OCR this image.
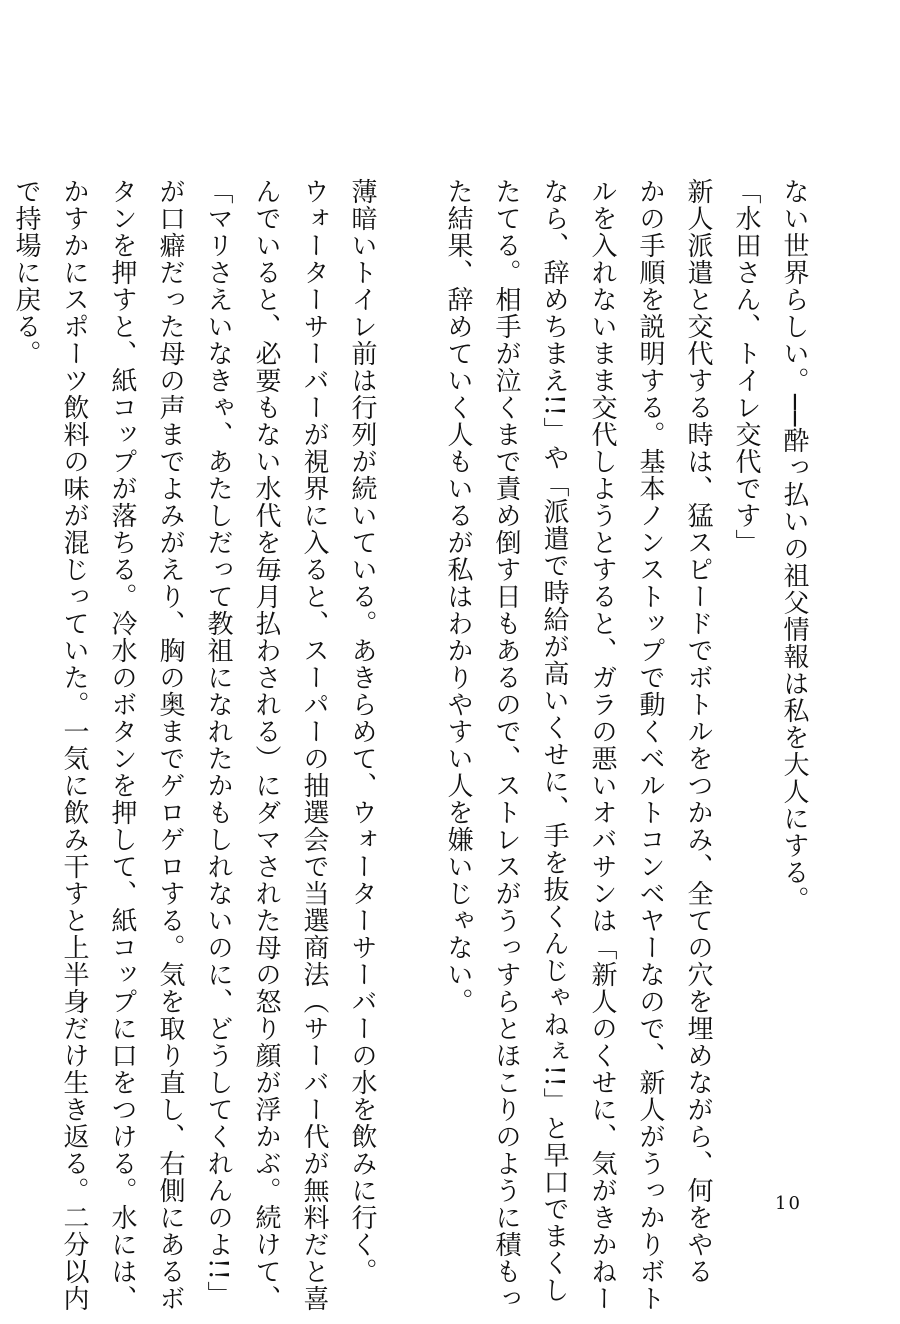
ない世界らしい。──酔っ払いの祖父情報は私を大人にする。
「水田さん、トイレ交代です」
新人派遣と交代する時は、猛スピードでボトルをつかみ、全ての穴を埋めながら、何をやる
かの手順を説明する。基本ノンストップで動くベルトコンベヤーなので、新人がうっかりボト
ルを入れないまま交代しようとすると、ガラの悪いオバサンは「新人のくせに、気がきかねー
なら、辞めちまえ!!」や「派遣で時給が高いくせに、手を抜くんじゃねぇ!!」と早口でまくし
たてる。相手が泣くまで責め倒す日もあるので、ストレスがうっすらとほこりのように積もっ
た結果、辞めていく人もいるが私はわかりやすい人を嫌いじゃない。
薄暗いトイレ前は行列が続いている。あきらめて、ウォーターサーバーの水を飲みに行く。
ウォーターサーバーが視界に入ると、スーパーの抽選会で当選商法（サーバー代が無料だと喜
んでいると、必要もない水代を毎月払わされる）にダマされた母の怒り顔が浮かぶ。続けて、
「マリさえいなきゃ、あたしだって教祖になれたかもしれないのに、どうしてくれんのよ!!」
が口癖だった母の声までよみがえり、胸の奥までゲロゲロする。気を取り直し、右側にあるボ
タンを押すと、紙コップが落ちる。冷水のボタンを押して、紙コップに口をつける。水には、
かすかにスポーツ飲料の味が混じっていた。一気に飲み干すと上半身だけ生き返る。二分以内
で持場に戻る。
10
